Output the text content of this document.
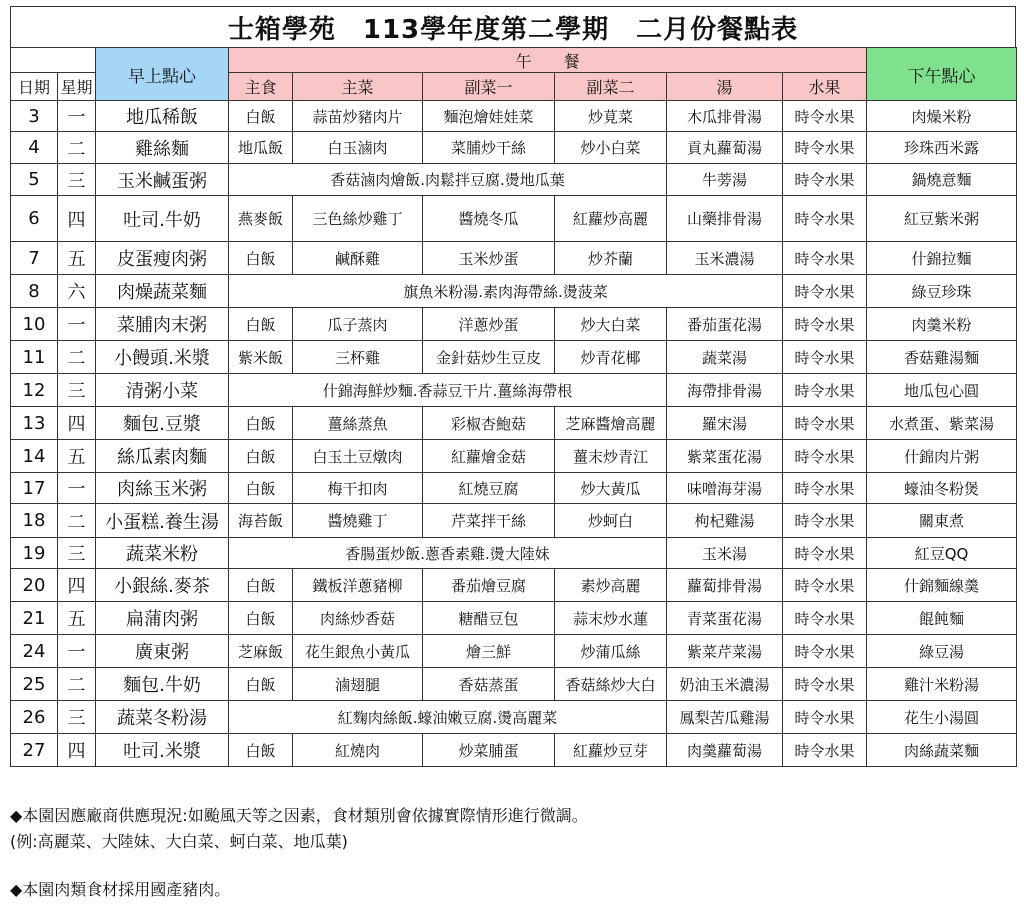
士箱學苑　113學年度第二學期　二月份餐點表
		早上點心	午　　餐						下午點心
日期	星期		主食	主菜	副菜一	副菜二	湯	水果	
3	一	地瓜稀飯	白飯	蒜苗炒豬肉片	麵泡燴娃娃菜	炒莧菜	木瓜排骨湯	時令水果	肉燥米粉
4	二	雞絲麵	地瓜飯	白玉滷肉	菜脯炒干絲	炒小白菜	貢丸蘿蔔湯	時令水果	珍珠西米露
5	三	玉米鹹蛋粥	香菇滷肉燴飯.肉鬆拌豆腐.燙地瓜葉				牛蒡湯	時令水果	鍋燒意麵
6	四	吐司.牛奶	燕麥飯	三色絲炒雞丁	醬燒冬瓜	紅蘿炒高麗	山藥排骨湯	時令水果	紅豆紫米粥
7	五	皮蛋瘦肉粥	白飯	鹹酥雞	玉米炒蛋	炒芥蘭	玉米濃湯	時令水果	什錦拉麵
8	六	肉燥蔬菜麵	旗魚米粉湯.素肉海帶絲.燙菠菜					時令水果	綠豆珍珠
10	一	菜脯肉末粥	白飯	瓜子蒸肉	洋蔥炒蛋	炒大白菜	番茄蛋花湯	時令水果	肉羹米粉
11	二	小饅頭.米漿	紫米飯	三杯雞	金針菇炒生豆皮	炒青花椰	蔬菜湯	時令水果	香菇雞湯麵
12	三	清粥小菜	什錦海鮮炒麵.香蒜豆干片.薑絲海帶根				海帶排骨湯	時令水果	地瓜包心圓
13	四	麵包.豆漿	白飯	薑絲蒸魚	彩椒杏鮑菇	芝麻醬燴高麗	羅宋湯	時令水果	水煮蛋、紫菜湯
14	五	絲瓜素肉麵	白飯	白玉土豆燉肉	紅蘿燴金菇	薑末炒青江	紫菜蛋花湯	時令水果	什錦肉片粥
17	一	肉絲玉米粥	白飯	梅干扣肉	紅燒豆腐	炒大黃瓜	味噌海芽湯	時令水果	蠔油冬粉煲
18	二	小蛋糕.養生湯	海苔飯	醬燒雞丁	芹菜拌干絲	炒蚵白	枸杞雞湯	時令水果	關東煮
19	三	蔬菜米粉	香腸蛋炒飯.蔥香素雞.燙大陸妹				玉米湯	時令水果	紅豆QQ
20	四	小銀絲.麥茶	白飯	鐵板洋蔥豬柳	番茄燴豆腐	素炒高麗	蘿蔔排骨湯	時令水果	什錦麵線羹
21	五	扁蒲肉粥	白飯	肉絲炒香菇	糖醋豆包	蒜末炒水蓮	青菜蛋花湯	時令水果	餛飩麵
24	一	廣東粥	芝麻飯	花生銀魚小黃瓜	燴三鮮	炒蒲瓜絲	紫菜芹菜湯	時令水果	綠豆湯
25	二	麵包.牛奶	白飯	滷翅腿	香菇蒸蛋	香菇絲炒大白	奶油玉米濃湯	時令水果	雞汁米粉湯
26	三	蔬菜冬粉湯	紅麴肉絲飯.蠔油嫩豆腐.燙高麗菜				鳳梨苦瓜雞湯	時令水果	花生小湯圓
27	四	吐司.米漿	白飯	紅燒肉	炒菜脯蛋	紅蘿炒豆芽	肉羹蘿蔔湯	時令水果	肉絲蔬菜麵

◆本園因應廠商供應現況:如颱風天等之因素，食材類別會依據實際情形進行微調。

(例:高麗菜、大陸妹、大白菜、蚵白菜、地瓜葉)

◆本園肉類食材採用國產豬肉。
